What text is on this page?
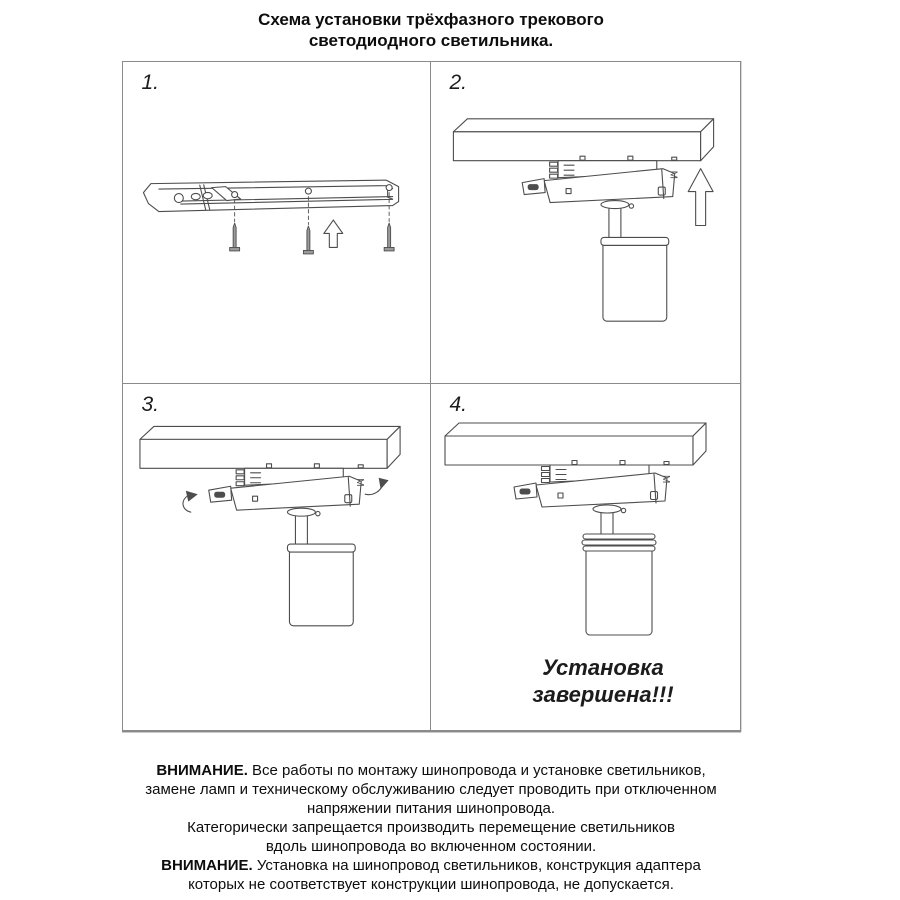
Схема установки трёхфазного трекового
светодиодного светильника.
1.	2.
3.	4.
Установка
завершена!!!
ВНИМАНИЕ. Все работы по монтажу шинопровода и установке светильников,
замене ламп и техническому обслуживанию следует проводить при отключенном
напряжении питания шинопровода.
Категорически запрещается производить перемещение светильников
вдоль шинопровода во включенном состоянии.
ВНИМАНИЕ. Установка на шинопровод светильников, конструкция адаптера
которых не соответствует конструкции шинопровода, не допускается.
